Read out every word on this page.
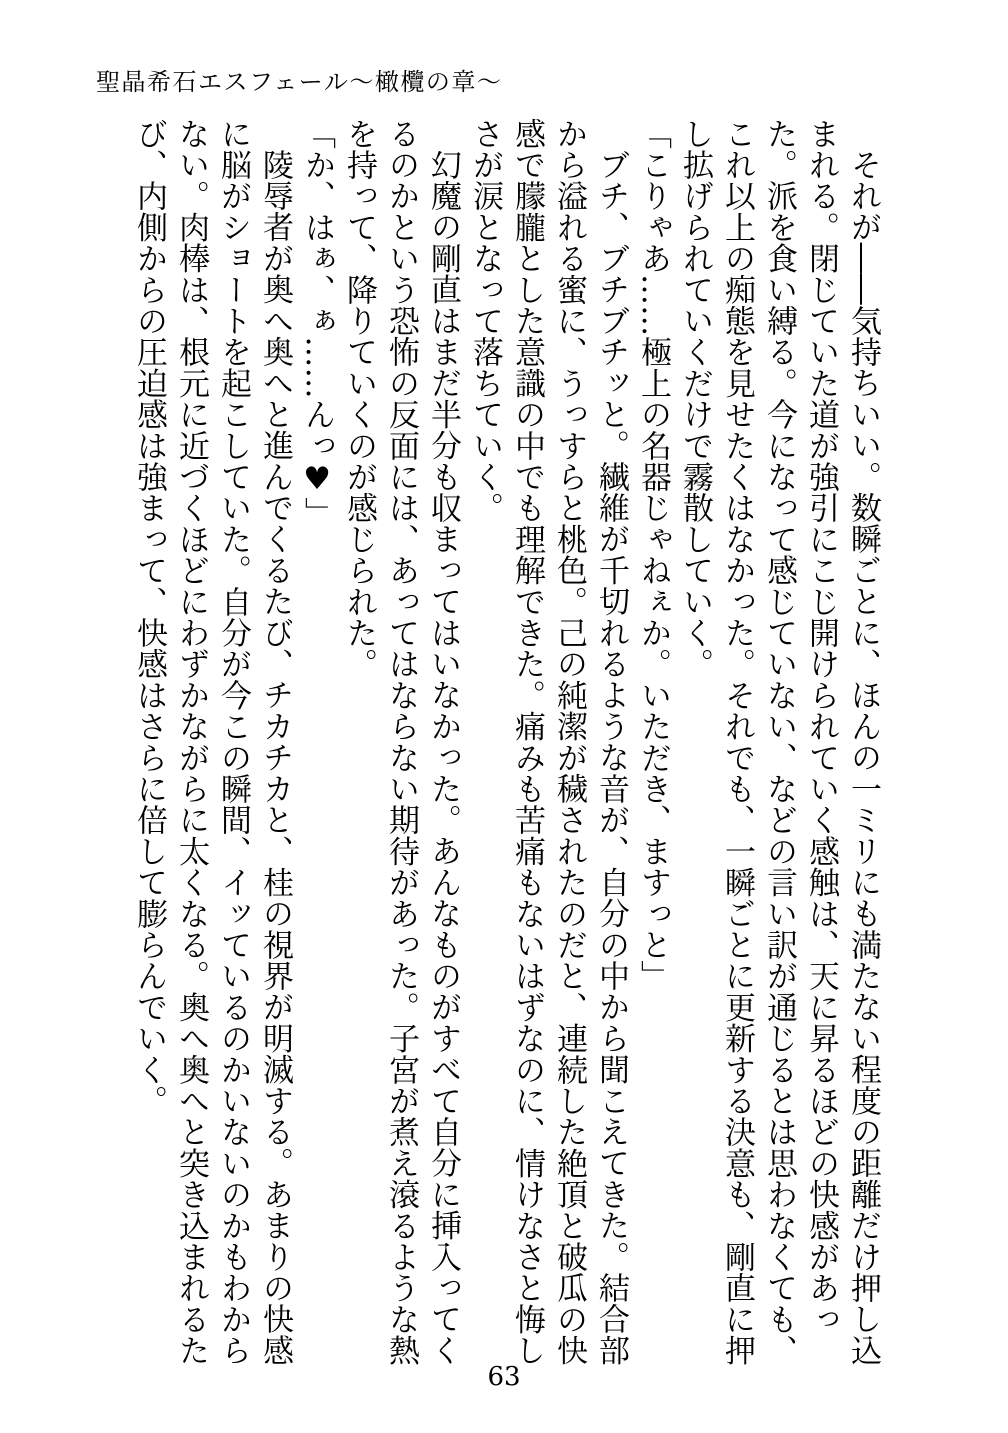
聖晶希石エスフェール～橄欖の章～

それが――気持ちいい。数瞬ごとに、ほんの一ミリにも満たない程度の距離だけ押し込まれる。閉じていた道が強引にこじ開けられていく感触は、天に昇るほどの快感があった。派を食い縛る。今になって感じていない、などの言い訳が通じるとは思わなくても、これ以上の痴態を見せたくはなかった。それでも、一瞬ごとに更新する決意も、剛直に押し拡げられていくだけで霧散していく。

「こりゃあ……極上の名器じゃねぇか。いただき、ますっと」

ブチ、ブチブチッと。繊維が千切れるような音が、自分の中から聞こえてきた。結合部から溢れる蜜に、うっすらと桃色。己の純潔が穢されたのだと、連続した絶頂と破瓜の快感で朦朧とした意識の中でも理解できた。痛みも苦痛もないはずなのに、情けなさと悔しさが涙となって落ちていく。

幻魔の剛直はまだ半分も収まってはいなかった。あんなものがすべて自分に挿入ってくるのかという恐怖の反面には、あってはならない期待があった。子宮が煮え滾るような熱を持って、降りていくのが感じられた。

「か、はぁ、ぁ……んっ♥」

陵辱者が奥へ奥へと進んでくるたび、チカチカと、桂の視界が明滅する。あまりの快感に脳がショートを起こしていた。自分が今この瞬間、イッているのかいないのかもわからない。肉棒は、根元に近づくほどにわずかながらに太くなる。奥へ奥へと突き込まれるたび、内側からの圧迫感は強まって、快感はさらに倍して膨らんでいく。

63
